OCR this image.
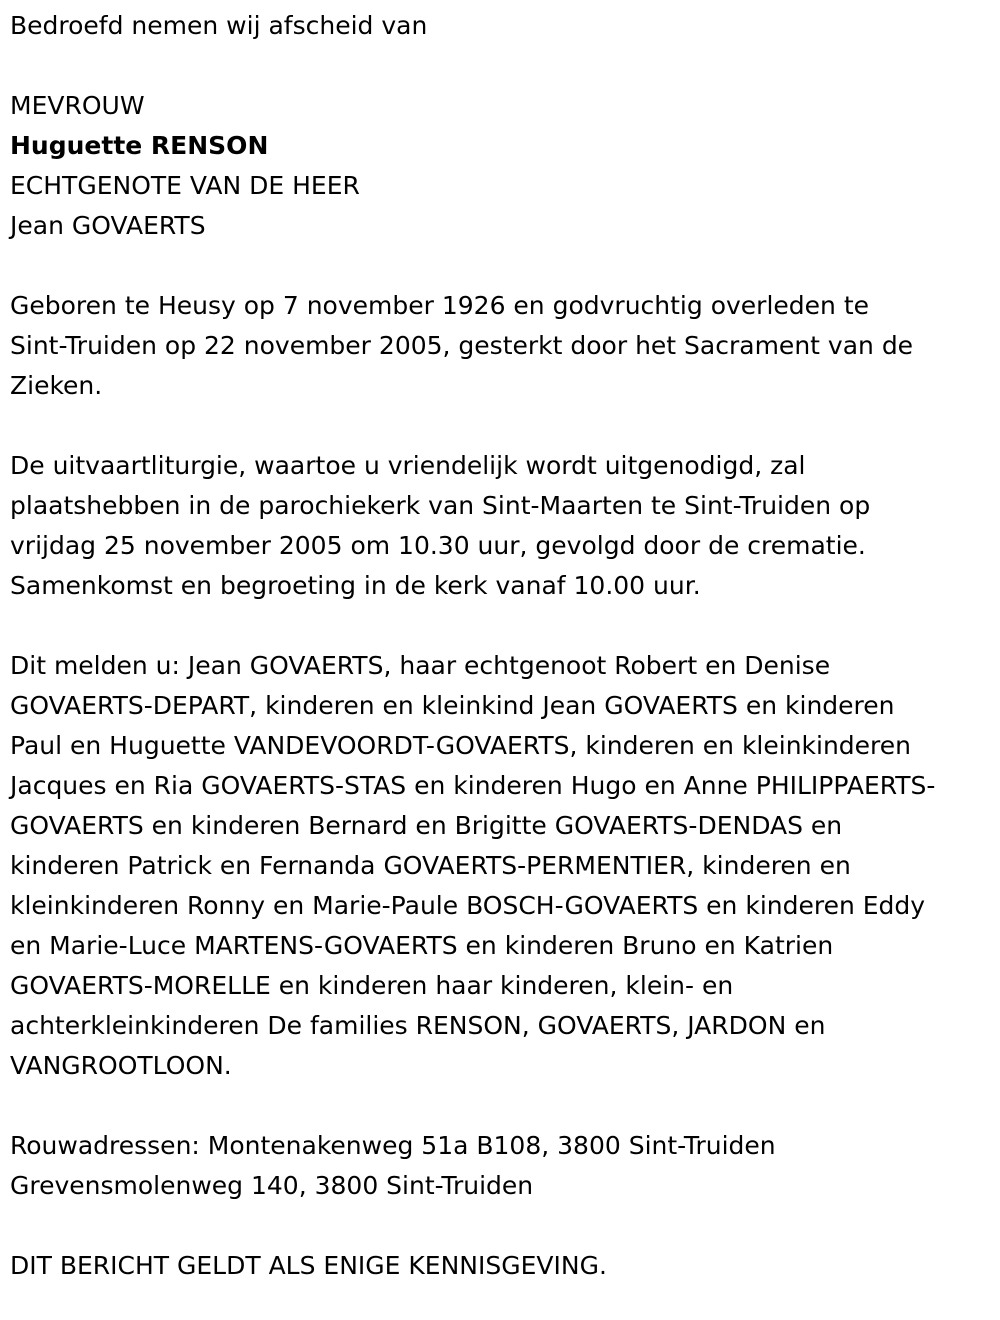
Bedroefd nemen wij afscheid van

MEVROUW

Huguette RENSON

ECHTGENOTE VAN DE HEER

Jean GOVAERTS

Geboren te Heusy op 7 november 1926 en godvruchtig overleden te
Sint-Truiden op 22 november 2005, gesterkt door het Sacrament van de
Zieken.
De uitvaartliturgie, waartoe u vriendelijk wordt uitgenodigd, zal
plaatshebben in de parochiekerk van Sint-Maarten te Sint-Truiden op
vrijdag 25 november 2005 om 10.30 uur, gevolgd door de crematie.
Samenkomst en begroeting in de kerk vanaf 10.00 uur.
Dit melden u: Jean GOVAERTS, haar echtgenoot Robert en Denise
GOVAERTS-DEPART, kinderen en kleinkind Jean GOVAERTS en kinderen
Paul en Huguette VANDEVOORDT-GOVAERTS, kinderen en kleinkinderen
Jacques en Ria GOVAERTS-STAS en kinderen Hugo en Anne PHILIPPAERTS-
GOVAERTS en kinderen Bernard en Brigitte GOVAERTS-DENDAS en
kinderen Patrick en Fernanda GOVAERTS-PERMENTIER, kinderen en
kleinkinderen Ronny en Marie-Paule BOSCH-GOVAERTS en kinderen Eddy
en Marie-Luce MARTENS-GOVAERTS en kinderen Bruno en Katrien
GOVAERTS-MORELLE en kinderen haar kinderen, klein- en
achterkleinkinderen De families RENSON, GOVAERTS, JARDON en
VANGROOTLOON.
Rouwadressen: Montenakenweg 51a B108, 3800 Sint-Truiden
Grevensmolenweg 140, 3800 Sint-Truiden

DIT BERICHT GELDT ALS ENIGE KENNISGEVING.
